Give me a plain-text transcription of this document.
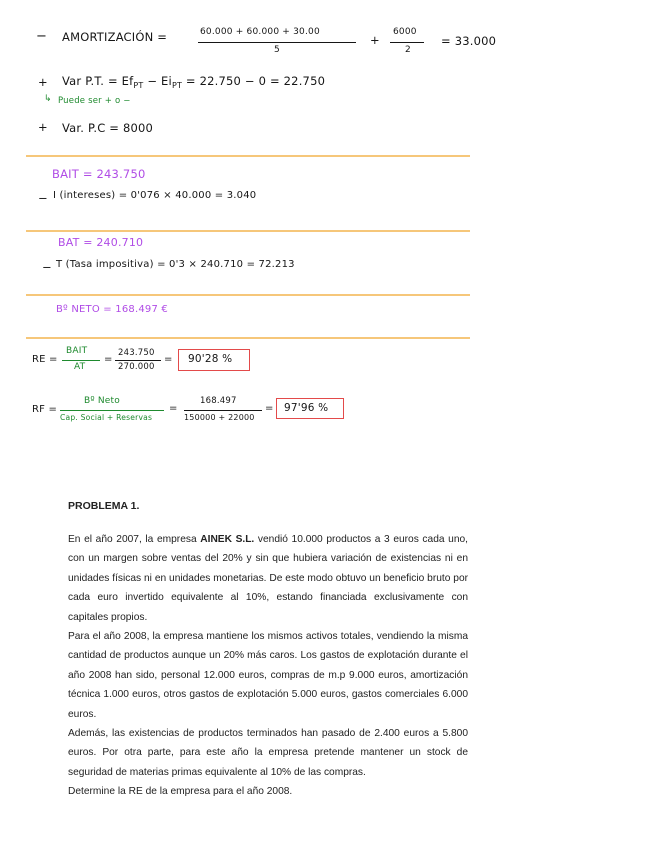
− AMORTIZACIÓN =	60.000 + 60.000 + 30.00
5
+
6000
2
= 33.000
+ Var P.T. = $Ef_{PT} - Ei_{PT} = 22.750 - 0 = 22.750$
↳ Puede ser + o −
+ Var. P.C = 8000
BAIT = 243.750
− I (intereses) = 0'076 × 40.000 = 3.040
BAT = 240.710
− T (Tasa impositiva) = 0'3 × 240.710 = 72.213
Bº NETO = 168.497 €
RE =
BAIT
AT
=
243.750
270.000
= 90'28 %
RF =
Bº Neto
Cap. Social + Reservas
=
168.497
150000 + 22000
= 97'96 %
PROBLEMA 1.

En el año 2007, la empresa AINEK S.L. vendió 10.000 productos a 3 euros cada uno, con un margen sobre ventas del 20% y sin que hubiera variación de existencias ni en unidades físicas ni en unidades monetarias. De este modo obtuvo un beneficio bruto por cada euro invertido equivalente al 10%, estando financiada exclusivamente con capitales propios.

Para el año 2008, la empresa mantiene los mismos activos totales, vendiendo la misma cantidad de productos aunque un 20% más caros. Los gastos de explotación durante el año 2008 han sido, personal 12.000 euros, compras de m.p 9.000 euros, amortización técnica 1.000 euros, otros gastos de explotación 5.000 euros, gastos comerciales 6.000 euros.

Además, las existencias de productos terminados han pasado de 2.400 euros a 5.800 euros. Por otra parte, para este año la empresa pretende mantener un stock de seguridad de materias primas equivalente al 10% de las compras.

Determine la RE de la empresa para el año 2008.
